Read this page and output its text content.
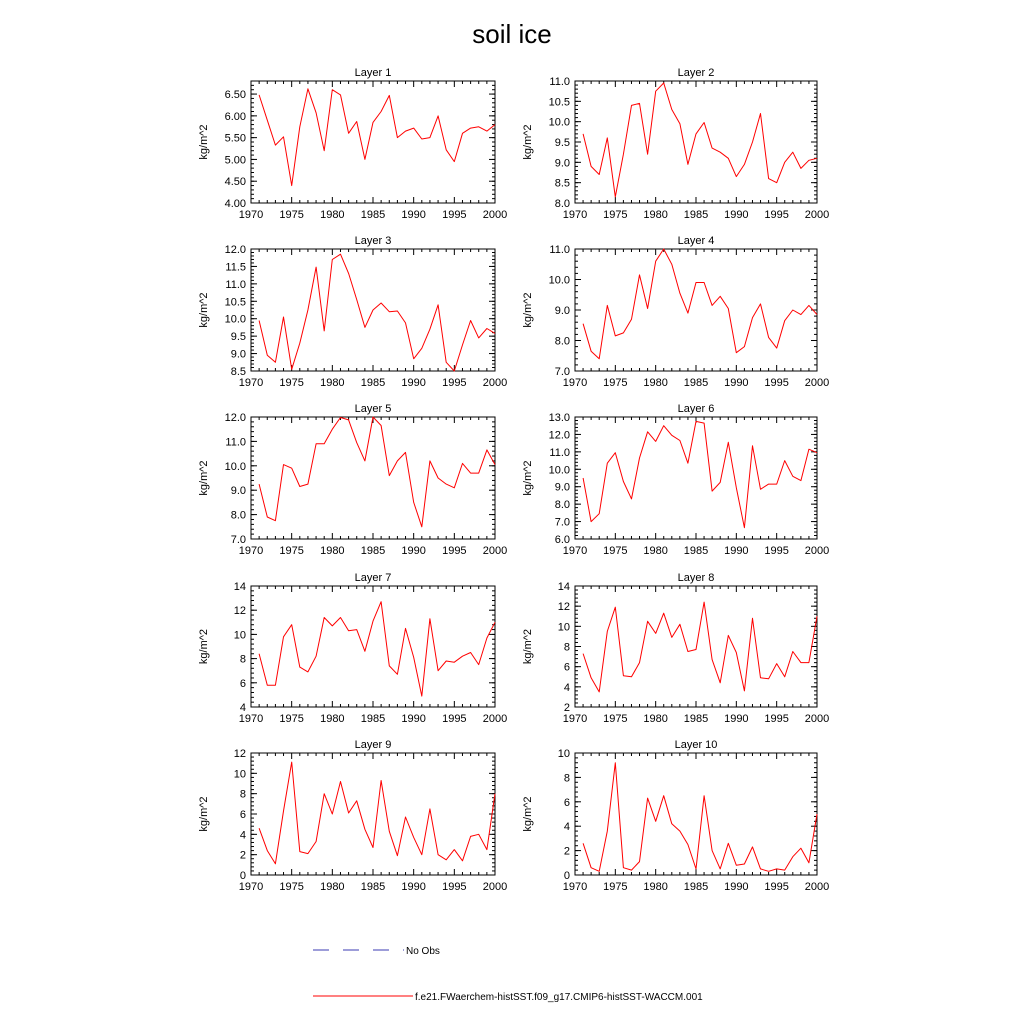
soil ice
Layer 1
kg/m^2
1970 1975 1980 1985 1990 1995 2000
4.00
4.50
5.00
5.50
6.00
6.50
Layer 2
kg/m^2
1970 1975 1980 1985 1990 1995 2000
8.0
8.5
9.0
9.5
10.0
10.5
11.0
Layer 3
kg/m^2
1970 1975 1980 1985 1990 1995 2000
8.5
9.0
9.5
10.0
10.5
11.0
11.5
12.0
Layer 4
kg/m^2
1970 1975 1980 1985 1990 1995 2000
7.0
8.0
9.0
10.0
11.0
Layer 5
kg/m^2
1970 1975 1980 1985 1990 1995 2000
7.0
8.0
9.0
10.0
11.0
12.0
Layer 6
kg/m^2
1970 1975 1980 1985 1990 1995 2000
6.0
7.0
8.0
9.0
10.0
11.0
12.0
13.0
Layer 7
kg/m^2
1970 1975 1980 1985 1990 1995 2000
4
6
8
10
12
14
Layer 8
kg/m^2
1970 1975 1980 1985 1990 1995 2000
2
4
6
8
10
12
14
Layer 9
kg/m^2
1970 1975 1980 1985 1990 1995 2000
0
2
4
6
8
10
12
Layer 10
kg/m^2
1970 1975 1980 1985 1990 1995 2000
0
2
4
6
8
10
No Obs
f.e21.FWaerchem-histSST.f09_g17.CMIP6-histSST-WACCM.001
